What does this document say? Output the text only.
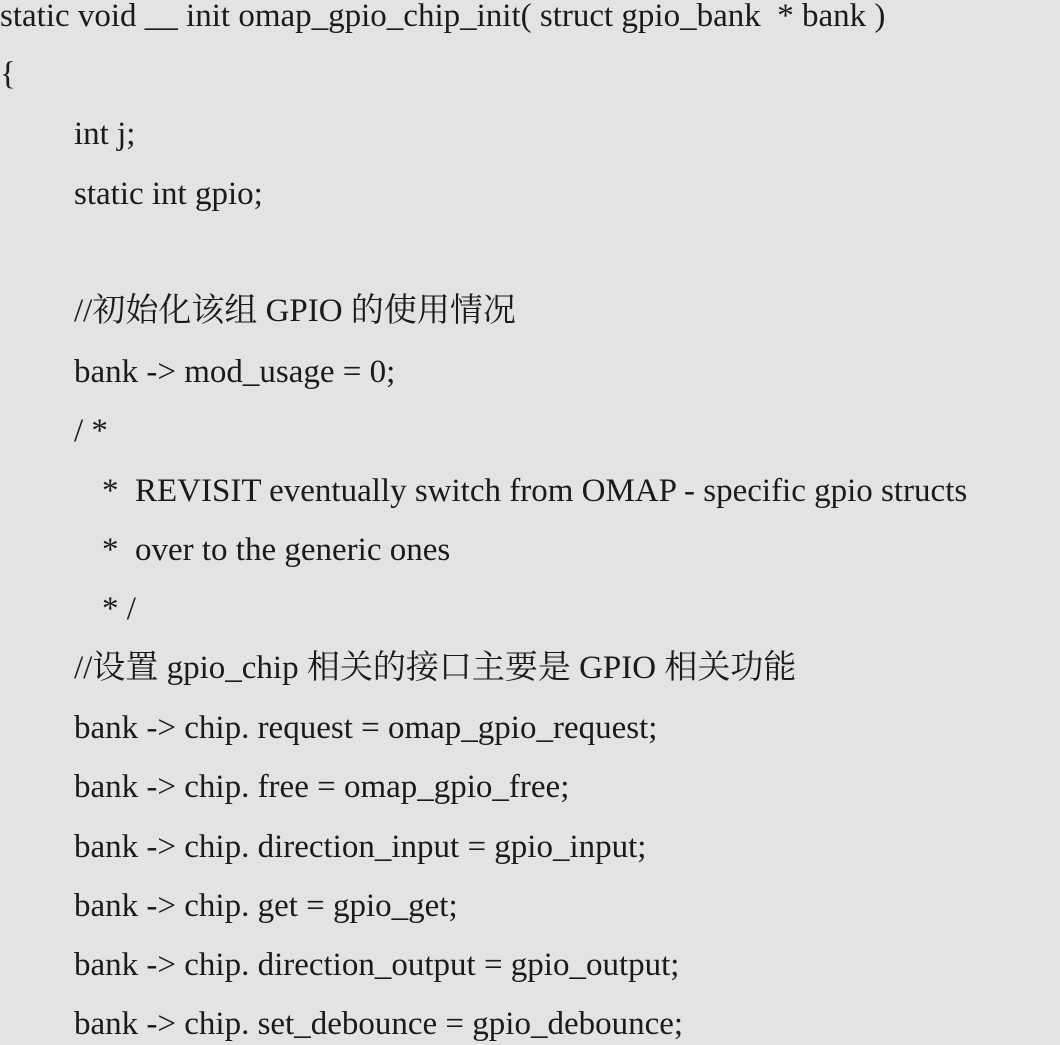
static void __ init omap_gpio_chip_init( struct gpio_bank  * bank )
{
int j;
static int gpio;
//初始化该组 GPIO 的使用情况
bank -> mod_usage = 0;
/ *
*  REVISIT eventually switch from OMAP - specific gpio structs
*  over to the generic ones
* /
//设置 gpio_chip 相关的接口主要是 GPIO 相关功能
bank -> chip. request = omap_gpio_request;
bank -> chip. free = omap_gpio_free;
bank -> chip. direction_input = gpio_input;
bank -> chip. get = gpio_get;
bank -> chip. direction_output = gpio_output;
bank -> chip. set_debounce = gpio_debounce;
